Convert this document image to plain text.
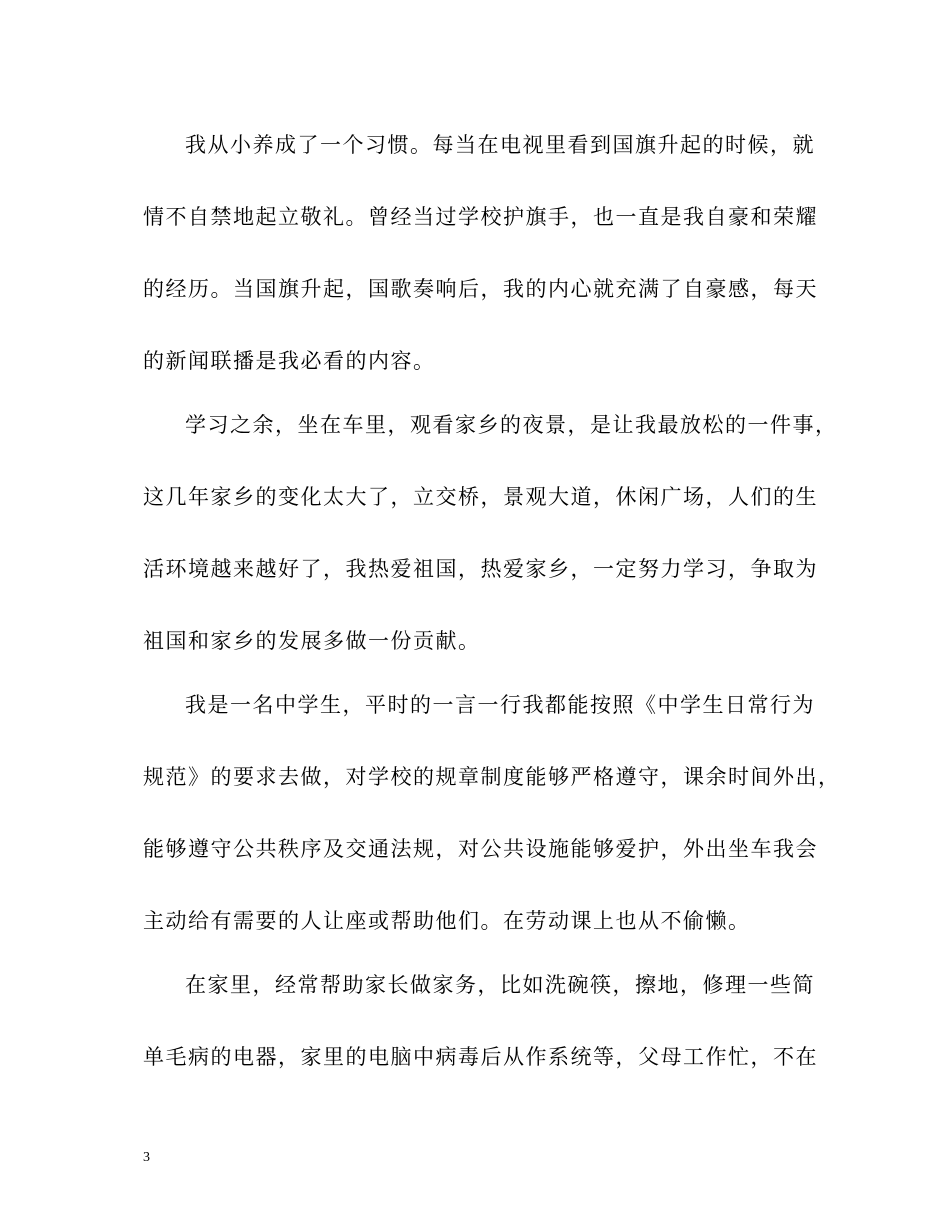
我从小养成了一个习惯。每当在电视里看到国旗升起的时候，就
情不自禁地起立敬礼。曾经当过学校护旗手，也一直是我自豪和荣耀
的经历。当国旗升起，国歌奏响后，我的内心就充满了自豪感，每天
的新闻联播是我必看的内容。
学习之余，坐在车里，观看家乡的夜景，是让我最放松的一件事，
这几年家乡的变化太大了，立交桥，景观大道，休闲广场，人们的生
活环境越来越好了，我热爱祖国，热爱家乡，一定努力学习，争取为
祖国和家乡的发展多做一份贡献。
我是一名中学生，平时的一言一行我都能按照《中学生日常行为
规范》的要求去做，对学校的规章制度能够严格遵守，课余时间外出，
能够遵守公共秩序及交通法规，对公共设施能够爱护，外出坐车我会
主动给有需要的人让座或帮助他们。在劳动课上也从不偷懒。
在家里，经常帮助家长做家务，比如洗碗筷，擦地，修理一些简
单毛病的电器，家里的电脑中病毒后从作系统等，父母工作忙，不在
3
